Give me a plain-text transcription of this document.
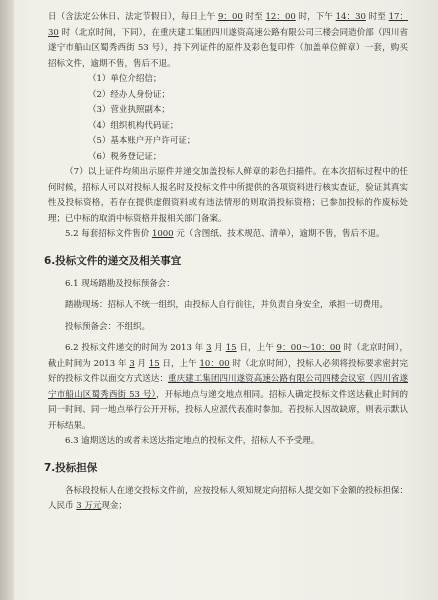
日（含法定公休日、法定节假日），每日上午 9：00 时至 12：00 时，下午 14：30 时至 17：30 时（北京时间，下同），在重庆建工集团四川遂资高速公路有限公司三楼会同造价部（四川省遂宁市船山区蜀秀西街 53 号），持下列证件的原件及彩色复印件（加盖单位鲜章）一套，购买招标文件，逾期不售，售后不退。

（1）单位介绍信；

（2）经办人身份证；

（3）营业执照副本；

（4）组织机构代码证；

（5）基本账户开户许可证；

（6）税务登记证；

（7）以上证件均须出示原件并递交加盖投标人鲜章的彩色扫描件。在本次招标过程中的任何时候，招标人可以对投标人报名时及投标文件中所提供的各项资料进行核实查证，验证其真实性及投标资格，若存在提供虚假资料或有违法情形的则取消投标资格；已参加投标的作废标处理；已中标的取消中标资格并报相关部门备案。

5.2 每套招标文件售价 1000 元（含图纸、技术规范、清单），逾期不售，售后不退。

6.投标文件的递交及相关事宜

6.1 现场踏勘及投标预备会：

踏勘现场：招标人不统一组织，由投标人自行前往，并负责自身安全，承担一切费用。

投标预备会：不组织。

6.2 投标文件递交的时间为 2013 年 3 月 15 日，上午 9：00～10：00 时（北京时间），截止时间为 2013 年 3 月 15 日，上午 10：00 时（北京时间），投标人必须将投标要求密封完好的投标文件以面交方式送达：重庆建工集团四川遂资高速公路有限公司四楼会议室（四川省遂宁市船山区蜀秀西街 53 号），开标地点与递交地点相同。招标人确定投标文件送达截止时间的同一时间、同一地点举行公开开标，投标人应派代表准时参加。若投标人因故缺席，则表示默认开标结果。

6.3 逾期送达的或者未送达指定地点的投标文件，招标人不予受理。

7.投标担保

各标段投标人在递交投标文件前，应按投标人须知规定向招标人提交如下金额的投标担保：人民币 3 万元现金；
